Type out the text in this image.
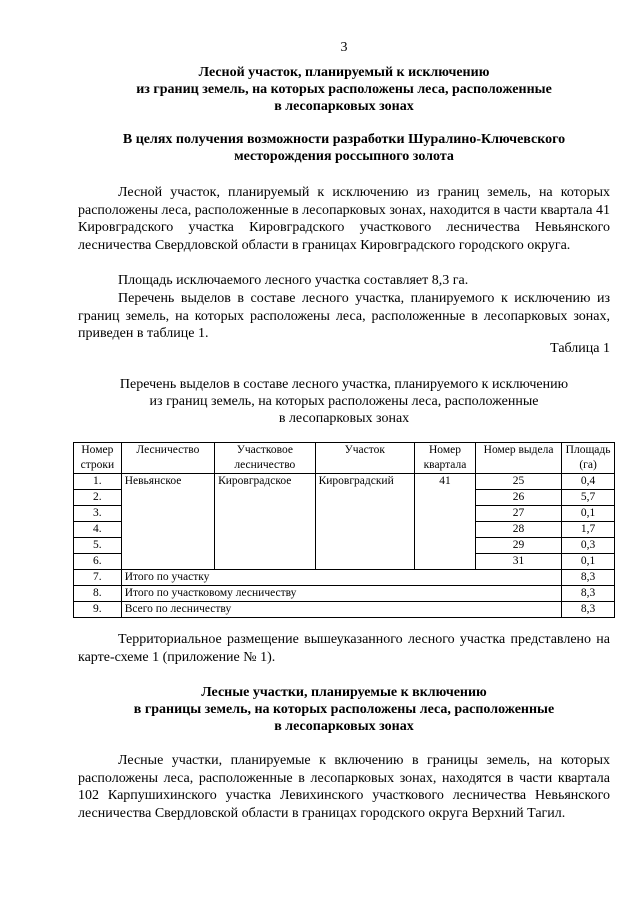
3
Лесной участок, планируемый к исключению
из границ земель, на которых расположены леса, расположенные
в лесопарковых зонах
В целях получения возможности разработки Шуралино-Ключевского
месторождения россыпного золота
Лесной участок, планируемый к исключению из границ земель, на которых расположены леса, расположенные в лесопарковых зонах, находится в части квартала 41 Кировградского участка Кировградского участкового лесничества Невьянского лесничества Свердловской области в границах Кировградского городского округа.
Площадь исключаемого лесного участка составляет 8,3 га.
Перечень выделов в составе лесного участка, планируемого к исключению из границ земель, на которых расположены леса, расположенные в лесопарковых зонах, приведен в таблице 1.
Таблица 1
Перечень выделов в составе лесного участка, планируемого к исключению
из границ земель, на которых расположены леса, расположенные
в лесопарковых зонах
Номер строки	Лесничество	Участковое лесничество	Участок	Номер квартала	Номер выдела	Площадь (га)
1.	Невьянское	Кировградское	Кировградский	41	25	0,4
2.					26	5,7
3.					27	0,1
4.					28	1,7
5.					29	0,3
6.					31	0,1
7.	Итого по участку					8,3
8.	Итого по участковому лесничеству					8,3
9.	Всего по лесничеству					8,3
Территориальное размещение вышеуказанного лесного участка представлено на карте-схеме 1 (приложение № 1).
Лесные участки, планируемые к включению
в границы земель, на которых расположены леса, расположенные
в лесопарковых зонах
Лесные участки, планируемые к включению в границы земель, на которых расположены леса, расположенные в лесопарковых зонах, находятся в части квартала 102 Карпушихинского участка Левихинского участкового лесничества Невьянского лесничества Свердловской области в границах городского округа Верхний Тагил.
